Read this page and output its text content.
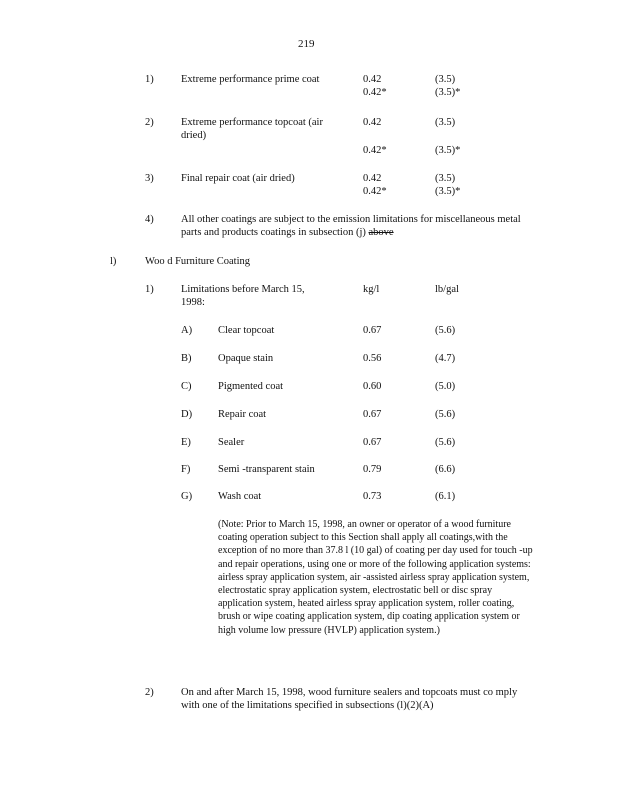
219
1)	Extreme performance prime coat	0.42	(3.5)
0.42*	(3.5)*
2)	Extreme performance topcoat (air dried)
0.42	(3.5)
0.42*	(3.5)*
3)	Final repair coat (air dried)	0.42	(3.5)
0.42*	(3.5)*
4)	All other coatings are subject to the emission limitations for miscellaneous metal parts and products coatings in subsection (j) above
l)	Woo d Furniture Coating
1)	Limitations before March 15, 1998:
kg/l	lb/gal
A) Clear topcoat	0.67	(5.6)
B)	Opaque stain	0.56	(4.7)
C)	Pigmented coat	0.60	(5.0)
D) Repair coat	0.67	(5.6)
E)	Sealer	0.67	(5.6)
F)	Semi -transparent stain	0.79	(6.6)
G) Wash coat	0.73	(6.1)
(Note: Prior to March 15, 1998, an owner or operator of a wood furniture coating operation subject to this Section shall apply all coatings,with the exception of no more than 37.8 l (10 gal) of coating per day used for touch -up and repair operations, using one or more of the following application systems: airless spray application system, air -assisted airless spray application system, electrostatic spray application system, electrostatic bell or disc spray application system, heated airless spray application system, roller coating, brush or wipe coating application system, dip coating application system or high volume low pressure (HVLP) application system.)
2)	On and after March 15, 1998, wood furniture sealers and topcoats must co mply with one of the limitations specified in subsections (l)(2)(A)
